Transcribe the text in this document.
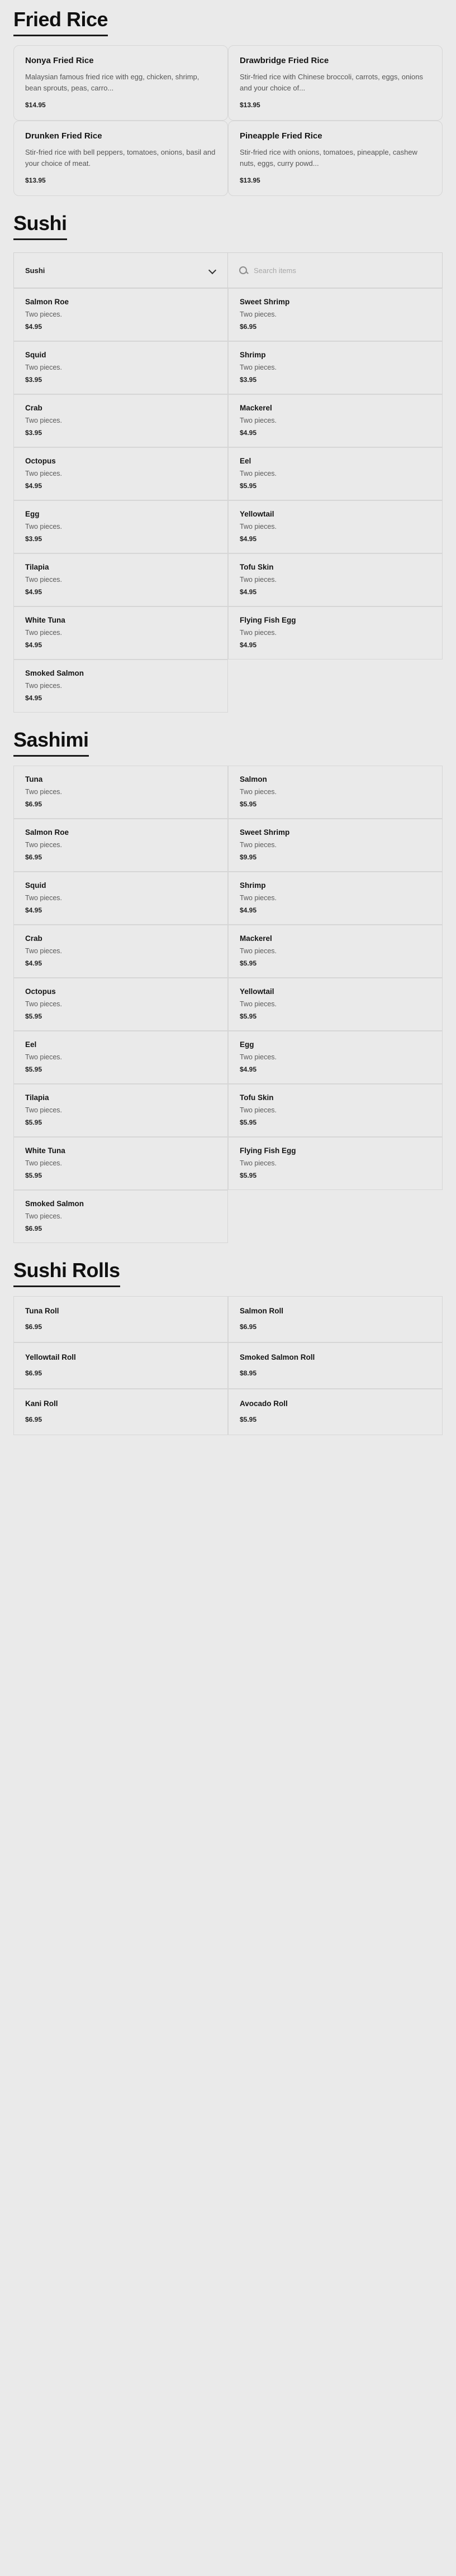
Fried Rice
Nonya Fried Rice
Malaysian famous fried rice with egg, chicken, shrimp, bean sprouts, peas, carro...
$14.95
Drawbridge Fried Rice
Stir-fried rice with Chinese broccoli, carrots, eggs, onions and your choice of...
$13.95
Drunken Fried Rice
Stir-fried rice with bell peppers, tomatoes, onions, basil and your choice of meat.
$13.95
Pineapple Fried Rice
Stir-fried rice with onions, tomatoes, pineapple, cashew nuts, eggs, curry powd...
$13.95
Sushi
Sushi
Search items
Salmon Roe
Two pieces.
$4.95
Sweet Shrimp
Two pieces.
$6.95
Squid
Two pieces.
$3.95
Shrimp
Two pieces.
$3.95
Crab
Two pieces.
$3.95
Mackerel
Two pieces.
$4.95
Octopus
Two pieces.
$4.95
Eel
Two pieces.
$5.95
Egg
Two pieces.
$3.95
Yellowtail
Two pieces.
$4.95
Tilapia
Two pieces.
$4.95
Tofu Skin
Two pieces.
$4.95
White Tuna
Two pieces.
$4.95
Flying Fish Egg
Two pieces.
$4.95
Smoked Salmon
Two pieces.
$4.95
Sashimi
Tuna
Two pieces.
$6.95
Salmon
Two pieces.
$5.95
Salmon Roe
Two pieces.
$6.95
Sweet Shrimp
Two pieces.
$9.95
Squid
Two pieces.
$4.95
Shrimp
Two pieces.
$4.95
Crab
Two pieces.
$4.95
Mackerel
Two pieces.
$5.95
Octopus
Two pieces.
$5.95
Yellowtail
Two pieces.
$5.95
Eel
Two pieces.
$5.95
Egg
Two pieces.
$4.95
Tilapia
Two pieces.
$5.95
Tofu Skin
Two pieces.
$5.95
White Tuna
Two pieces.
$5.95
Flying Fish Egg
Two pieces.
$5.95
Smoked Salmon
Two pieces.
$6.95
Sushi Rolls
Tuna Roll
$6.95
Salmon Roll
$6.95
Yellowtail Roll
$6.95
Smoked Salmon Roll
$8.95
Kani Roll
$6.95
Avocado Roll
$5.95
